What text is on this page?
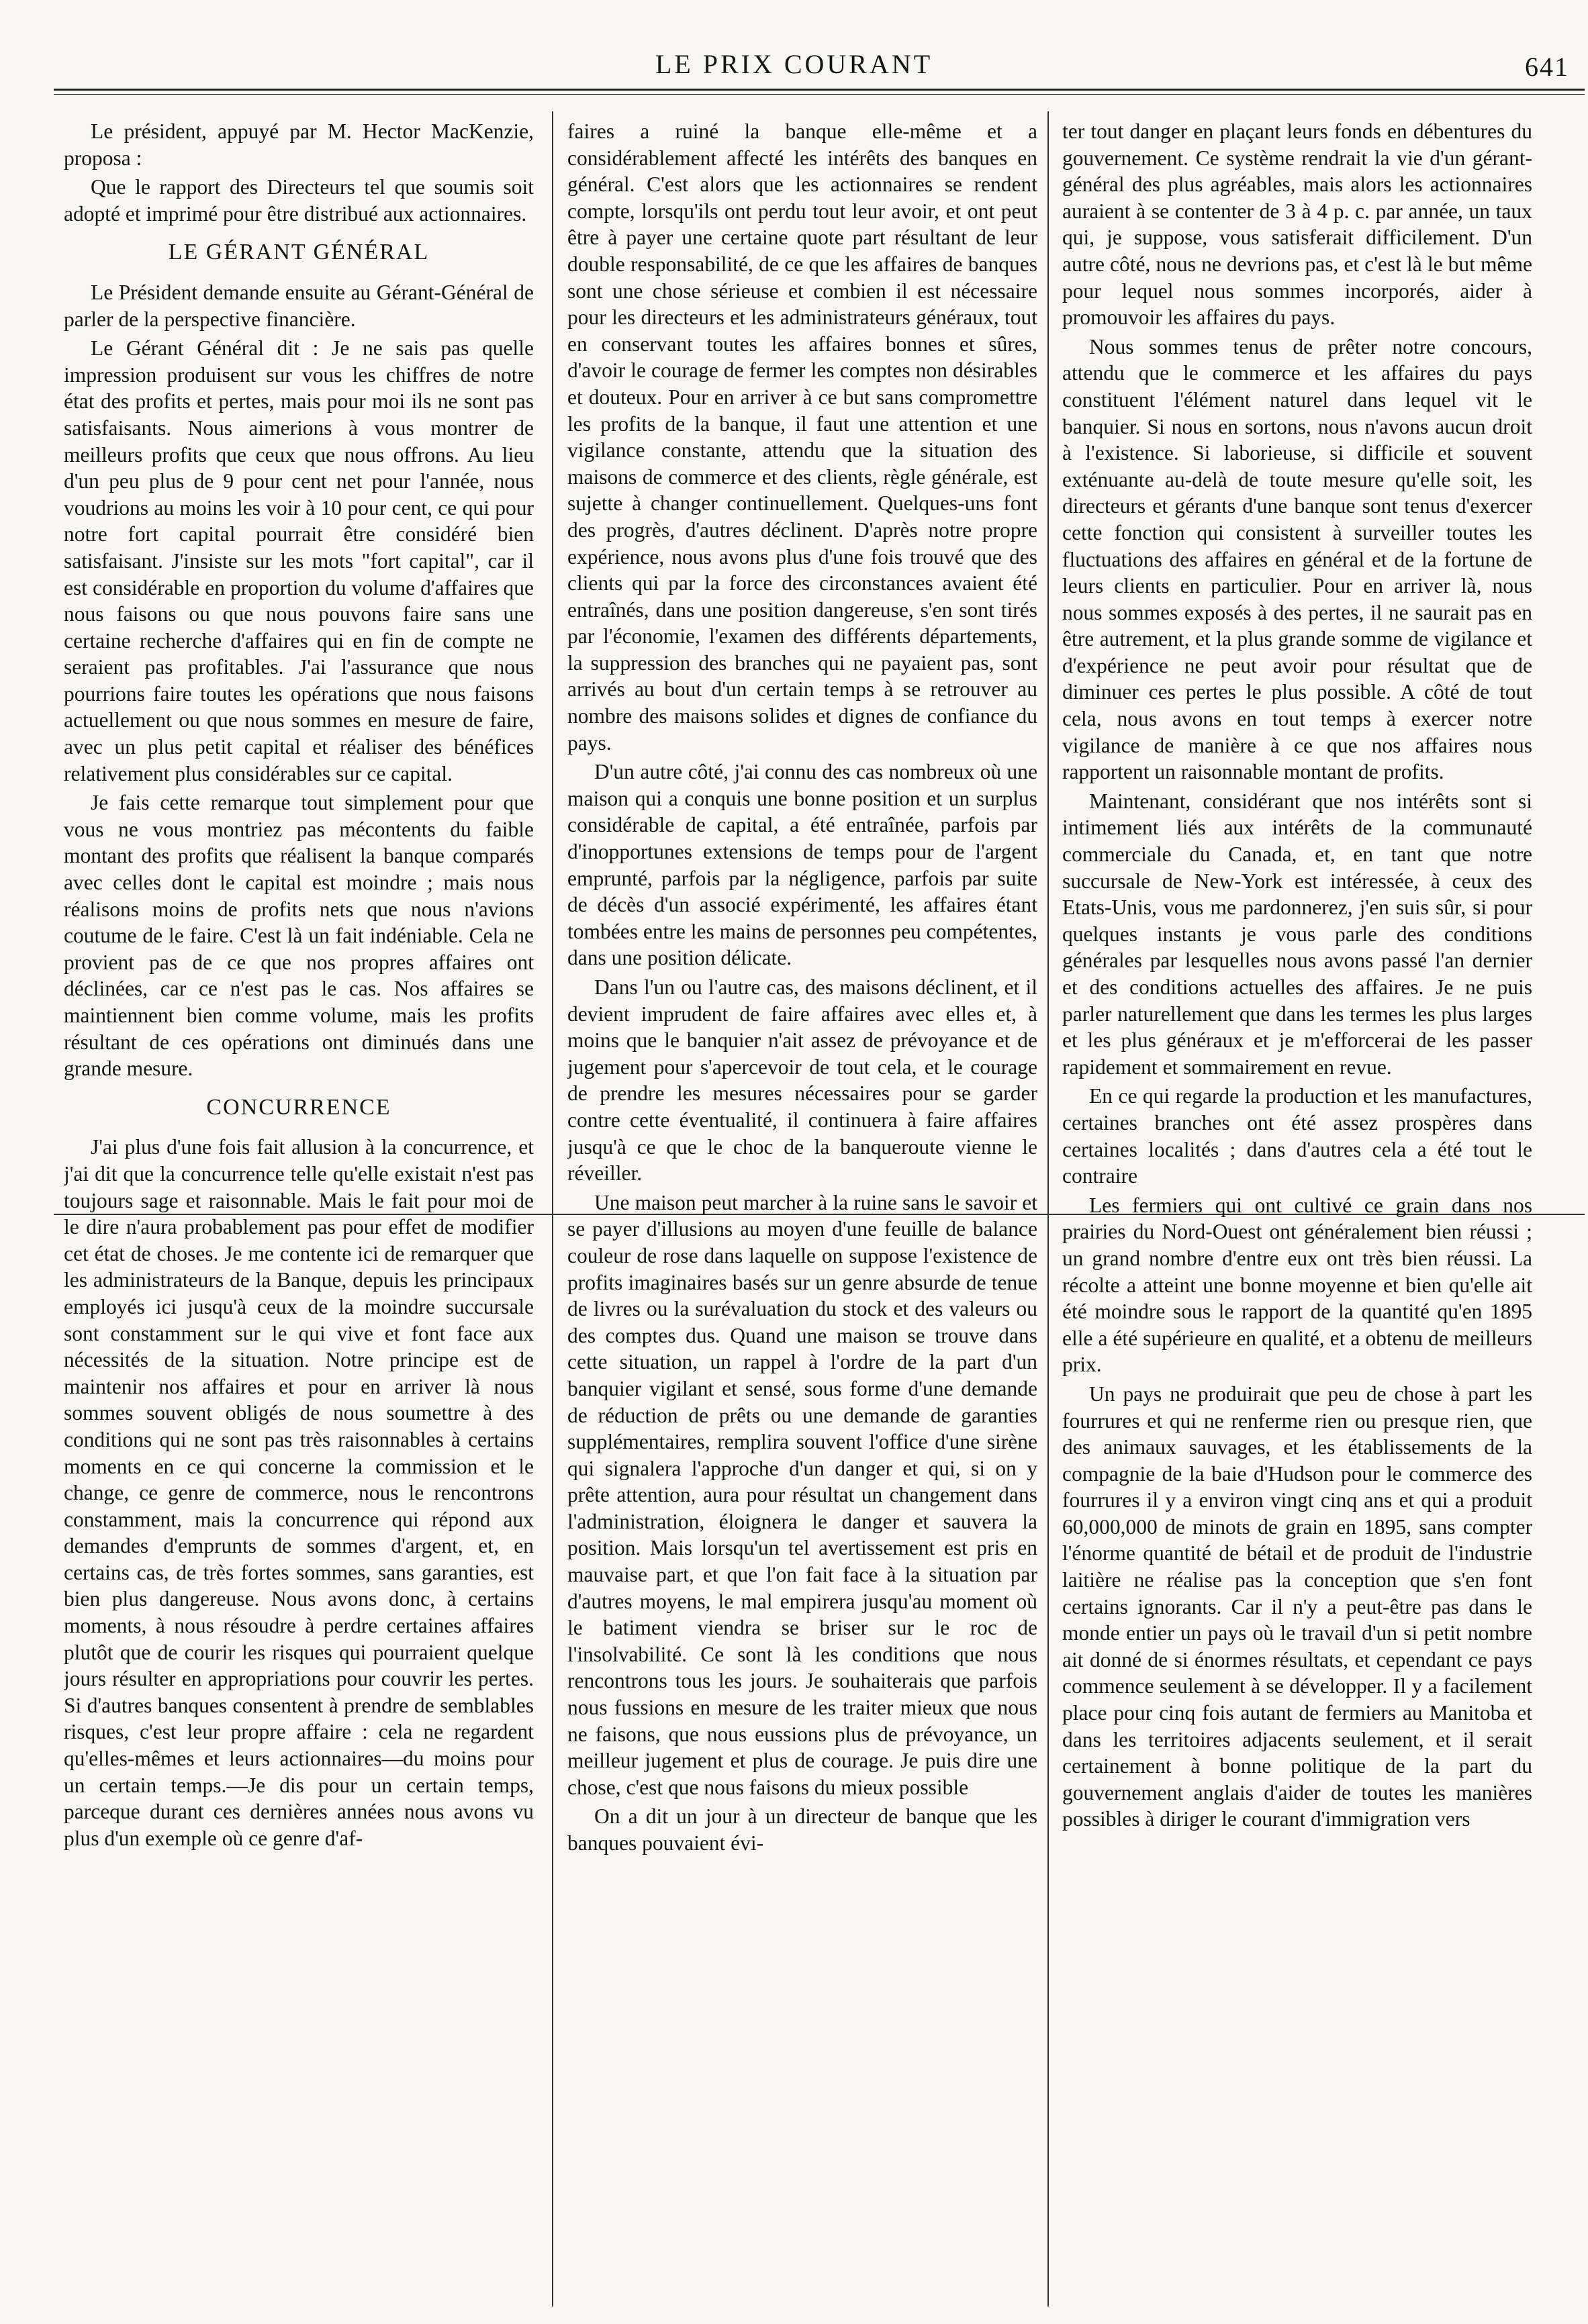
LE PRIX COURANT	641

Le président, appuyé par M. Hector MacKenzie, proposa :

Que le rapport des Directeurs tel que soumis soit adopté et imprimé pour être distribué aux actionnaires.

LE GÉRANT GÉNÉRAL

Le Président demande ensuite au Gérant-Général de parler de la perspective financière.

Le Gérant Général dit : Je ne sais pas quelle impression produisent sur vous les chiffres de notre état des profits et pertes, mais pour moi ils ne sont pas satisfaisants. Nous aimerions à vous montrer de meilleurs profits que ceux que nous offrons. Au lieu d'un peu plus de 9 pour cent net pour l'année, nous voudrions au moins les voir à 10 pour cent, ce qui pour notre fort capital pourrait être considéré bien satisfaisant. J'insiste sur les mots "fort capital", car il est considérable en proportion du volume d'affaires que nous faisons ou que nous pouvons faire sans une certaine recherche d'affaires qui en fin de compte ne seraient pas profitables. J'ai l'assurance que nous pourrions faire toutes les opérations que nous faisons actuellement ou que nous sommes en mesure de faire, avec un plus petit capital et réaliser des bénéfices relativement plus considérables sur ce capital.

Je fais cette remarque tout simplement pour que vous ne vous montriez pas mécontents du faible montant des profits que réalisent la banque comparés avec celles dont le capital est moindre ; mais nous réalisons moins de profits nets que nous n'avions coutume de le faire. C'est là un fait indéniable. Cela ne provient pas de ce que nos propres affaires ont déclinées, car ce n'est pas le cas. Nos affaires se maintiennent bien comme volume, mais les profits résultant de ces opérations ont diminués dans une grande mesure.

CONCURRENCE

J'ai plus d'une fois fait allusion à la concurrence, et j'ai dit que la concurrence telle qu'elle existait n'est pas toujours sage et raisonnable. Mais le fait pour moi de le dire n'aura probablement pas pour effet de modifier cet état de choses. Je me contente ici de remarquer que les administrateurs de la Banque, depuis les principaux employés ici jusqu'à ceux de la moindre succursale sont constamment sur le qui vive et font face aux nécessités de la situation. Notre principe est de maintenir nos affaires et pour en arriver là nous sommes souvent obligés de nous soumettre à des conditions qui ne sont pas très raisonnables à certains moments en ce qui concerne la commission et le change, ce genre de commerce, nous le rencontrons constamment, mais la concurrence qui répond aux demandes d'emprunts de sommes d'argent, et, en certains cas, de très fortes sommes, sans garanties, est bien plus dangereuse. Nous avons donc, à certains moments, à nous résoudre à perdre certaines affaires plutôt que de courir les risques qui pourraient quelque jours résulter en appropriations pour couvrir les pertes. Si d'autres banques consentent à prendre de semblables risques, c'est leur propre affaire : cela ne regardent qu'elles-mêmes et leurs actionnaires—du moins pour un certain temps.—Je dis pour un certain temps, parceque durant ces dernières années nous avons vu plus d'un exemple où ce genre d'af-

faires a ruiné la banque elle-même et a considérablement affecté les intérêts des banques en général. C'est alors que les actionnaires se rendent compte, lorsqu'ils ont perdu tout leur avoir, et ont peut être à payer une certaine quote part résultant de leur double responsabilité, de ce que les affaires de banques sont une chose sérieuse et combien il est nécessaire pour les directeurs et les administrateurs généraux, tout en conservant toutes les affaires bonnes et sûres, d'avoir le courage de fermer les comptes non désirables et douteux. Pour en arriver à ce but sans compromettre les profits de la banque, il faut une attention et une vigilance constante, attendu que la situation des maisons de commerce et des clients, règle générale, est sujette à changer continuellement. Quelques-uns font des progrès, d'autres déclinent. D'après notre propre expérience, nous avons plus d'une fois trouvé que des clients qui par la force des circonstances avaient été entraînés, dans une position dangereuse, s'en sont tirés par l'économie, l'examen des différents départements, la suppression des branches qui ne payaient pas, sont arrivés au bout d'un certain temps à se retrouver au nombre des maisons solides et dignes de confiance du pays.

D'un autre côté, j'ai connu des cas nombreux où une maison qui a conquis une bonne position et un surplus considérable de capital, a été entraînée, parfois par d'inopportunes extensions de temps pour de l'argent emprunté, parfois par la négligence, parfois par suite de décès d'un associé expérimenté, les affaires étant tombées entre les mains de personnes peu compétentes, dans une position délicate.

Dans l'un ou l'autre cas, des maisons déclinent, et il devient imprudent de faire affaires avec elles et, à moins que le banquier n'ait assez de prévoyance et de jugement pour s'apercevoir de tout cela, et le courage de prendre les mesures nécessaires pour se garder contre cette éventualité, il continuera à faire affaires jusqu'à ce que le choc de la banqueroute vienne le réveiller.

Une maison peut marcher à la ruine sans le savoir et se payer d'illusions au moyen d'une feuille de balance couleur de rose dans laquelle on suppose l'existence de profits imaginaires basés sur un genre absurde de tenue de livres ou la surévaluation du stock et des valeurs ou des comptes dus. Quand une maison se trouve dans cette situation, un rappel à l'ordre de la part d'un banquier vigilant et sensé, sous forme d'une demande de réduction de prêts ou une demande de garanties supplémentaires, remplira souvent l'office d'une sirène qui signalera l'approche d'un danger et qui, si on y prête attention, aura pour résultat un changement dans l'administration, éloignera le danger et sauvera la position. Mais lorsqu'un tel avertissement est pris en mauvaise part, et que l'on fait face à la situation par d'autres moyens, le mal empirera jusqu'au moment où le batiment viendra se briser sur le roc de l'insolvabilité. Ce sont là les conditions que nous rencontrons tous les jours. Je souhaiterais que parfois nous fussions en mesure de les traiter mieux que nous ne faisons, que nous eussions plus de prévoyance, un meilleur jugement et plus de courage. Je puis dire une chose, c'est que nous faisons du mieux possible

On a dit un jour à un directeur de banque que les banques pouvaient évi-

ter tout danger en plaçant leurs fonds en débentures du gouvernement. Ce système rendrait la vie d'un gérant-général des plus agréables, mais alors les actionnaires auraient à se contenter de 3 à 4 p. c. par année, un taux qui, je suppose, vous satisferait difficilement. D'un autre côté, nous ne devrions pas, et c'est là le but même pour lequel nous sommes incorporés, aider à promouvoir les affaires du pays.

Nous sommes tenus de prêter notre concours, attendu que le commerce et les affaires du pays constituent l'élément naturel dans lequel vit le banquier. Si nous en sortons, nous n'avons aucun droit à l'existence. Si laborieuse, si difficile et souvent exténuante au-delà de toute mesure qu'elle soit, les directeurs et gérants d'une banque sont tenus d'exercer cette fonction qui consistent à surveiller toutes les fluctuations des affaires en général et de la fortune de leurs clients en particulier. Pour en arriver là, nous nous sommes exposés à des pertes, il ne saurait pas en être autrement, et la plus grande somme de vigilance et d'expérience ne peut avoir pour résultat que de diminuer ces pertes le plus possible. A côté de tout cela, nous avons en tout temps à exercer notre vigilance de manière à ce que nos affaires nous rapportent un raisonnable montant de profits.

Maintenant, considérant que nos intérêts sont si intimement liés aux intérêts de la communauté commerciale du Canada, et, en tant que notre succursale de New-York est intéressée, à ceux des Etats-Unis, vous me pardonnerez, j'en suis sûr, si pour quelques instants je vous parle des conditions générales par lesquelles nous avons passé l'an dernier et des conditions actuelles des affaires. Je ne puis parler naturellement que dans les termes les plus larges et les plus généraux et je m'efforcerai de les passer rapidement et sommairement en revue.

En ce qui regarde la production et les manufactures, certaines branches ont été assez prospères dans certaines localités ; dans d'autres cela a été tout le contraire

Les fermiers qui ont cultivé ce grain dans nos prairies du Nord-Ouest ont généralement bien réussi ; un grand nombre d'entre eux ont très bien réussi. La récolte a atteint une bonne moyenne et bien qu'elle ait été moindre sous le rapport de la quantité qu'en 1895 elle a été supérieure en qualité, et a obtenu de meilleurs prix.

Un pays ne produirait que peu de chose à part les fourrures et qui ne renferme rien ou presque rien, que des animaux sauvages, et les établissements de la compagnie de la baie d'Hudson pour le commerce des fourrures il y a environ vingt cinq ans et qui a produit 60,000,000 de minots de grain en 1895, sans compter l'énorme quantité de bétail et de produit de l'industrie laitière ne réalise pas la conception que s'en font certains ignorants. Car il n'y a peut-être pas dans le monde entier un pays où le travail d'un si petit nombre ait donné de si énormes résultats, et cependant ce pays commence seulement à se développer. Il y a facilement place pour cinq fois autant de fermiers au Manitoba et dans les territoires adjacents seulement, et il serait certainement à bonne politique de la part du gouvernement anglais d'aider de toutes les manières possibles à diriger le courant d'immigration vers
